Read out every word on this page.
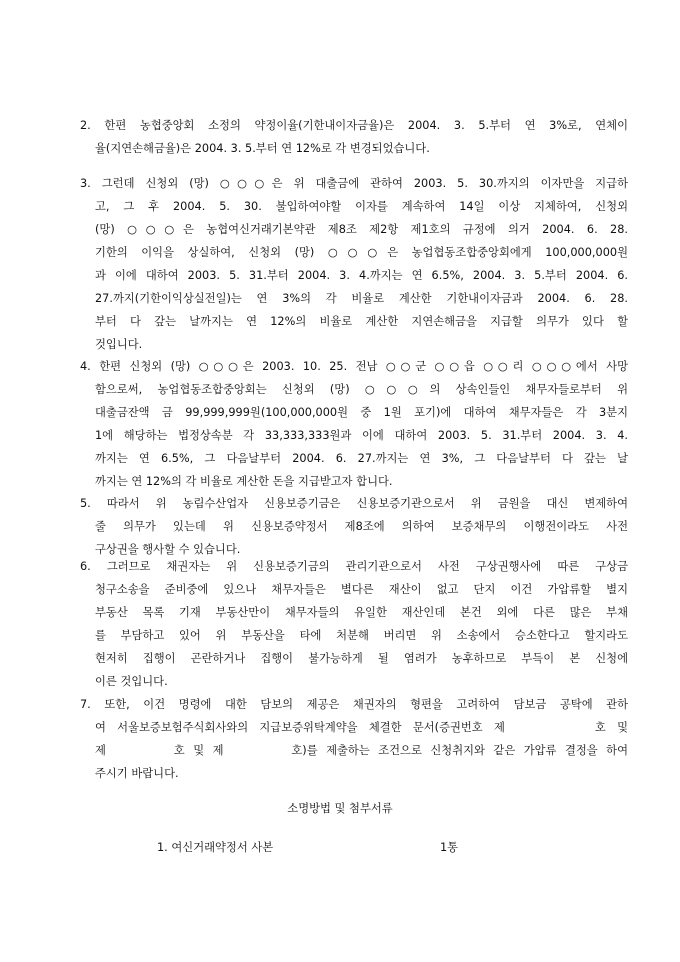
2. 한편 농협중앙회 소정의 약정이율(기한내이자금율)은 2004. 3. 5.부터 연 3%로, 연체이
율(지연손해금율)은 2004. 3. 5.부터 연 12%로 각 변경되었습니다.
3. 그런데 신청외 (망) ○○○은 위 대출금에 관하여 2003. 5. 30.까지의 이자만을 지급하
고, 그 후 2004. 5. 30. 불입하여야할 이자를 계속하여 14일 이상 지체하여, 신청외
(망) ○○○은 농협여신거래기본약관 제8조 제2항 제1호의 규정에 의거 2004. 6. 28.
기한의 이익을 상실하여, 신청외 (망) ○○○은 농업협동조합중앙회에게 100,000,000원
과 이에 대하여 2003. 5. 31.부터 2004. 3. 4.까지는 연 6.5%, 2004. 3. 5.부터 2004. 6.
27.까지(기한이익상실전일)는 연 3%의 각 비율로 계산한 기한내이자금과 2004. 6. 28.
부터 다 갚는 날까지는 연 12%의 비율로 계산한 지연손해금을 지급할 의무가 있다 할
것입니다.
4. 한편 신청외 (망) ○○○은 2003. 10. 25. 전남 ○○군 ○○읍 ○○리 ○○○에서 사망
함으로써, 농업협동조합중앙회는 신청외 (망) ○○○의 상속인들인 채무자들로부터 위
대출금잔액 금 99,999,999원(100,000,000원 중 1원 포기)에 대하여 채무자들은 각 3분지
1에 해당하는 법정상속분 각 33,333,333원과 이에 대하여 2003. 5. 31.부터 2004. 3. 4.
까지는 연 6.5%, 그 다음날부터 2004. 6. 27.까지는 연 3%, 그 다음날부터 다 갚는 날
까지는 연 12%의 각 비율로 계산한 돈을 지급받고자 합니다.
5. 따라서 위 농림수산업자 신용보증기금은 신용보증기관으로서 위 금원을 대신 변제하여
줄 의무가 있는데 위 신용보증약정서 제8조에 의하여 보증채무의 이행전이라도 사전
구상권을 행사할 수 있습니다.
6. 그러므로 채권자는 위 신용보증기금의 관리기관으로서 사전 구상권행사에 따른 구상금
청구소송을 준비중에 있으나 채무자들은 별다른 재산이 없고 단지 이건 가압류할 별지
부동산 목록 기재 부동산만이 채무자들의 유일한 재산인데 본건 외에 다른 많은 부채
를 부담하고 있어 위 부동산을 타에 처분해 버리면 위 소송에서 승소한다고 할지라도
현저히 집행이 곤란하거나 집행이 불가능하게 될 염려가 농후하므로 부득이 본 신청에
이른 것입니다.
7. 또한, 이건 명령에 대한 담보의 제공은 채권자의 형편을 고려하여 담보금 공탁에 관하
여 서울보증보험주식회사와의 지급보증위탁계약을 체결한 문서(증권번호 제        호 및
제        호 및 제        호)를 제출하는 조건으로 신청취지와 같은 가압류 결정을 하여
주시기 바랍니다.
소명방법 및 첨부서류
1. 여신거래약정서 사본	1통
